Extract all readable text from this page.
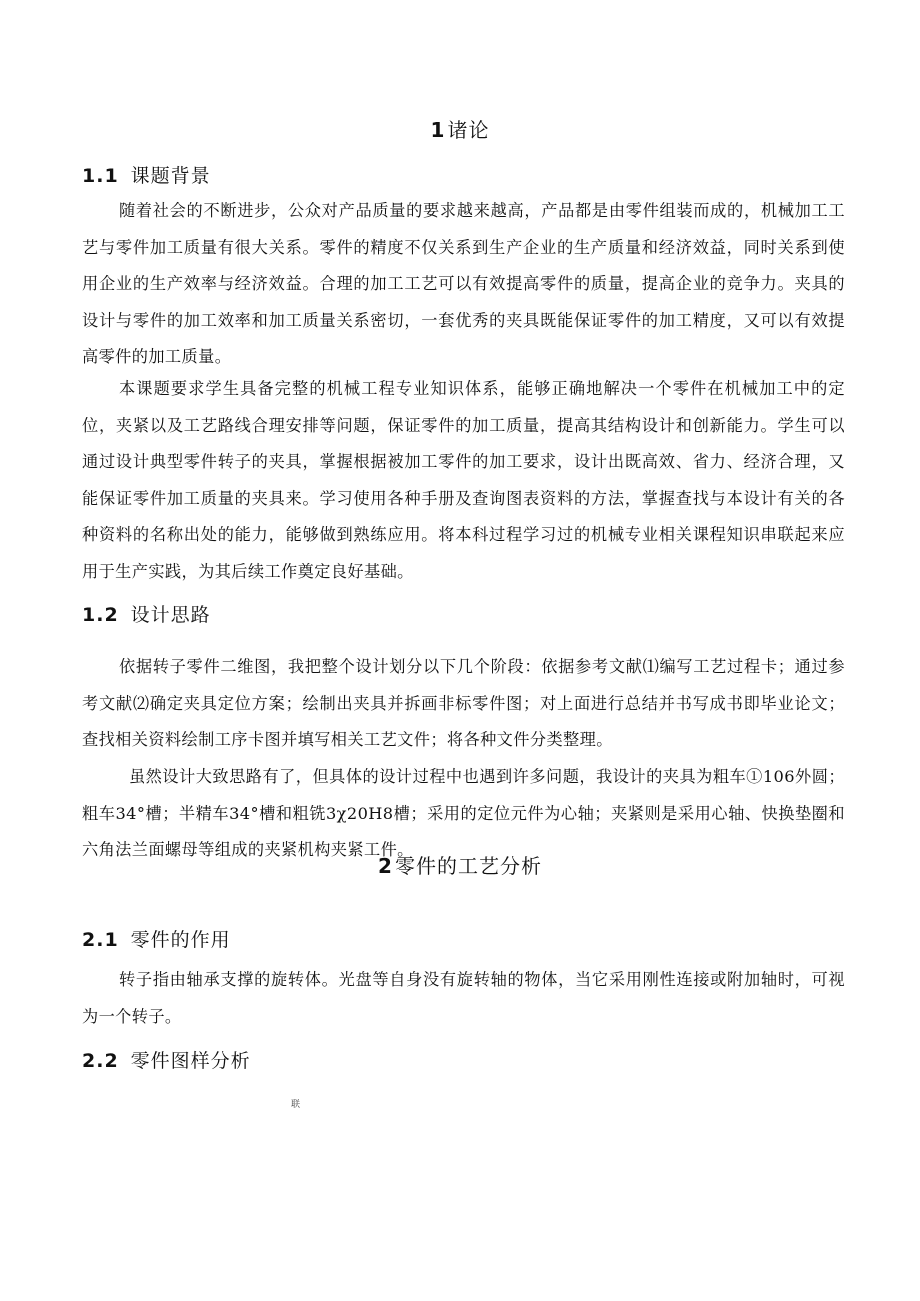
1 诸论
1.1 课题背景

随着社会的不断进步，公众对产品质量的要求越来越高，产品都是由零件组装而成的，机械加工工艺与零件加工质量有很大关系。零件的精度不仅关系到生产企业的生产质量和经济效益，同时关系到使用企业的生产效率与经济效益。合理的加工工艺可以有效提高零件的质量，提高企业的竞争力。夹具的设计与零件的加工效率和加工质量关系密切，一套优秀的夹具既能保证零件的加工精度，又可以有效提高零件的加工质量。

本课题要求学生具备完整的机械工程专业知识体系，能够正确地解决一个零件在机械加工中的定位，夹紧以及工艺路线合理安排等问题，保证零件的加工质量，提高其结构设计和创新能力。学生可以通过设计典型零件转子的夹具，掌握根据被加工零件的加工要求，设计出既高效、省力、经济合理，又能保证零件加工质量的夹具来。学习使用各种手册及查询图表资料的方法，掌握查找与本设计有关的各种资料的名称出处的能力，能够做到熟练应用。将本科过程学习过的机械专业相关课程知识串联起来应用于生产实践，为其后续工作奠定良好基础。

1.2 设计思路

依据转子零件二维图，我把整个设计划分以下几个阶段：依据参考文献⑴编写工艺过程卡；通过参考文献⑵确定夹具定位方案；绘制出夹具并拆画非标零件图；对上面进行总结并书写成书即毕业论文；查找相关资料绘制工序卡图并填写相关工艺文件；将各种文件分类整理。

虽然设计大致思路有了，但具体的设计过程中也遇到许多问题，我设计的夹具为粗车①106外圆；粗车34°槽；半精车34°槽和粗铣3χ20H8槽；采用的定位元件为心轴；夹紧则是采用心轴、快换垫圈和六角法兰面螺母等组成的夹紧机构夹紧工件。

2 零件的工艺分析
2.1 零件的作用

转子指由轴承支撑的旋转体。光盘等自身没有旋转轴的物体，当它采用刚性连接或附加轴时，可视为一个转子。

2.2 零件图样分析
联
